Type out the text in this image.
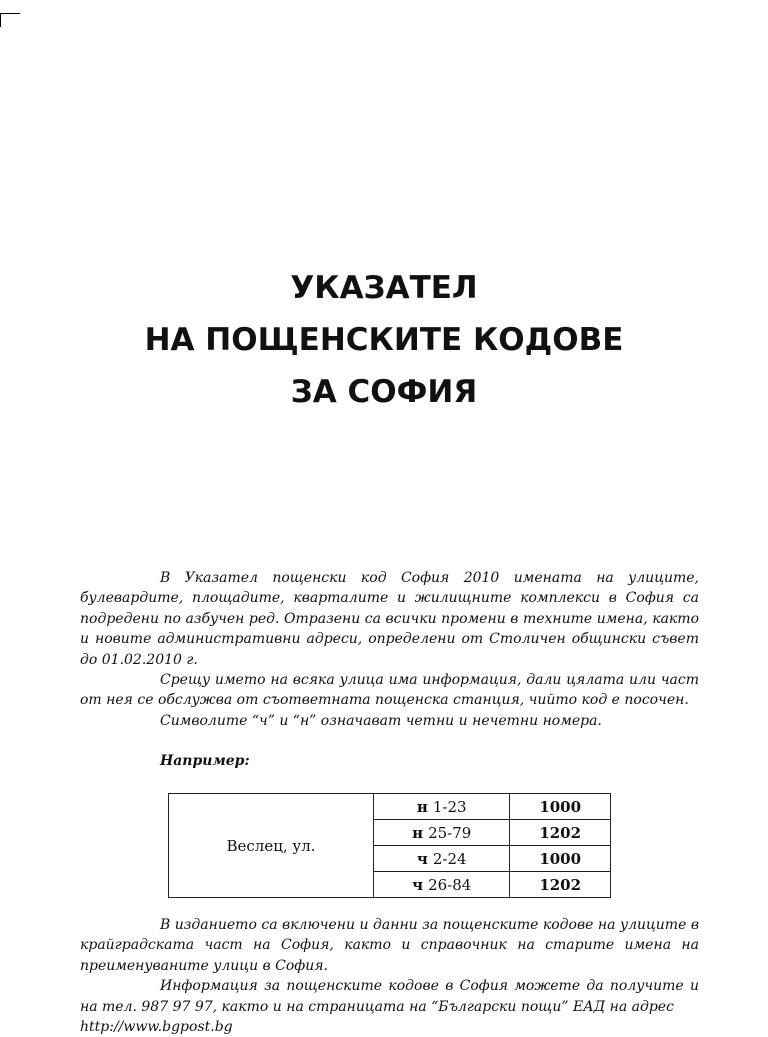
УКАЗАТЕЛ
НА ПОЩЕНСКИТЕ КОДОВЕ
ЗА СОФИЯ

В Указател пощенски код София 2010 имената на улиците, булевардите, площадите, кварталите и жилищните комплекси в София са подредени по азбучен ред. Отразени са всички промени в техните имена, както и новите административни адреси, определени от Столичен общински съвет до 01.02.2010 г.

Срещу името на всяка улица има информация, дали цялата или част от нея се обслужва от съответната пощенска станция, чийто код е посочен.

Символите “ч” и “н” означават четни и нечетни номера.

Например:

Веслец, ул.	н 1-23	1000
	н 25-79	1202
	ч 2-24	1000
	ч 26-84	1202

В изданието са включени и данни за пощенските кодове на улиците в крайградската част на София, както и справочник на старите имена на преименуваните улици в София.

Информация за пощенските кодове в София можете да получите и на тел. 987 97 97, както и на страницата на “Български пощи” ЕАД на адрес

http://www.bgpost.bg
